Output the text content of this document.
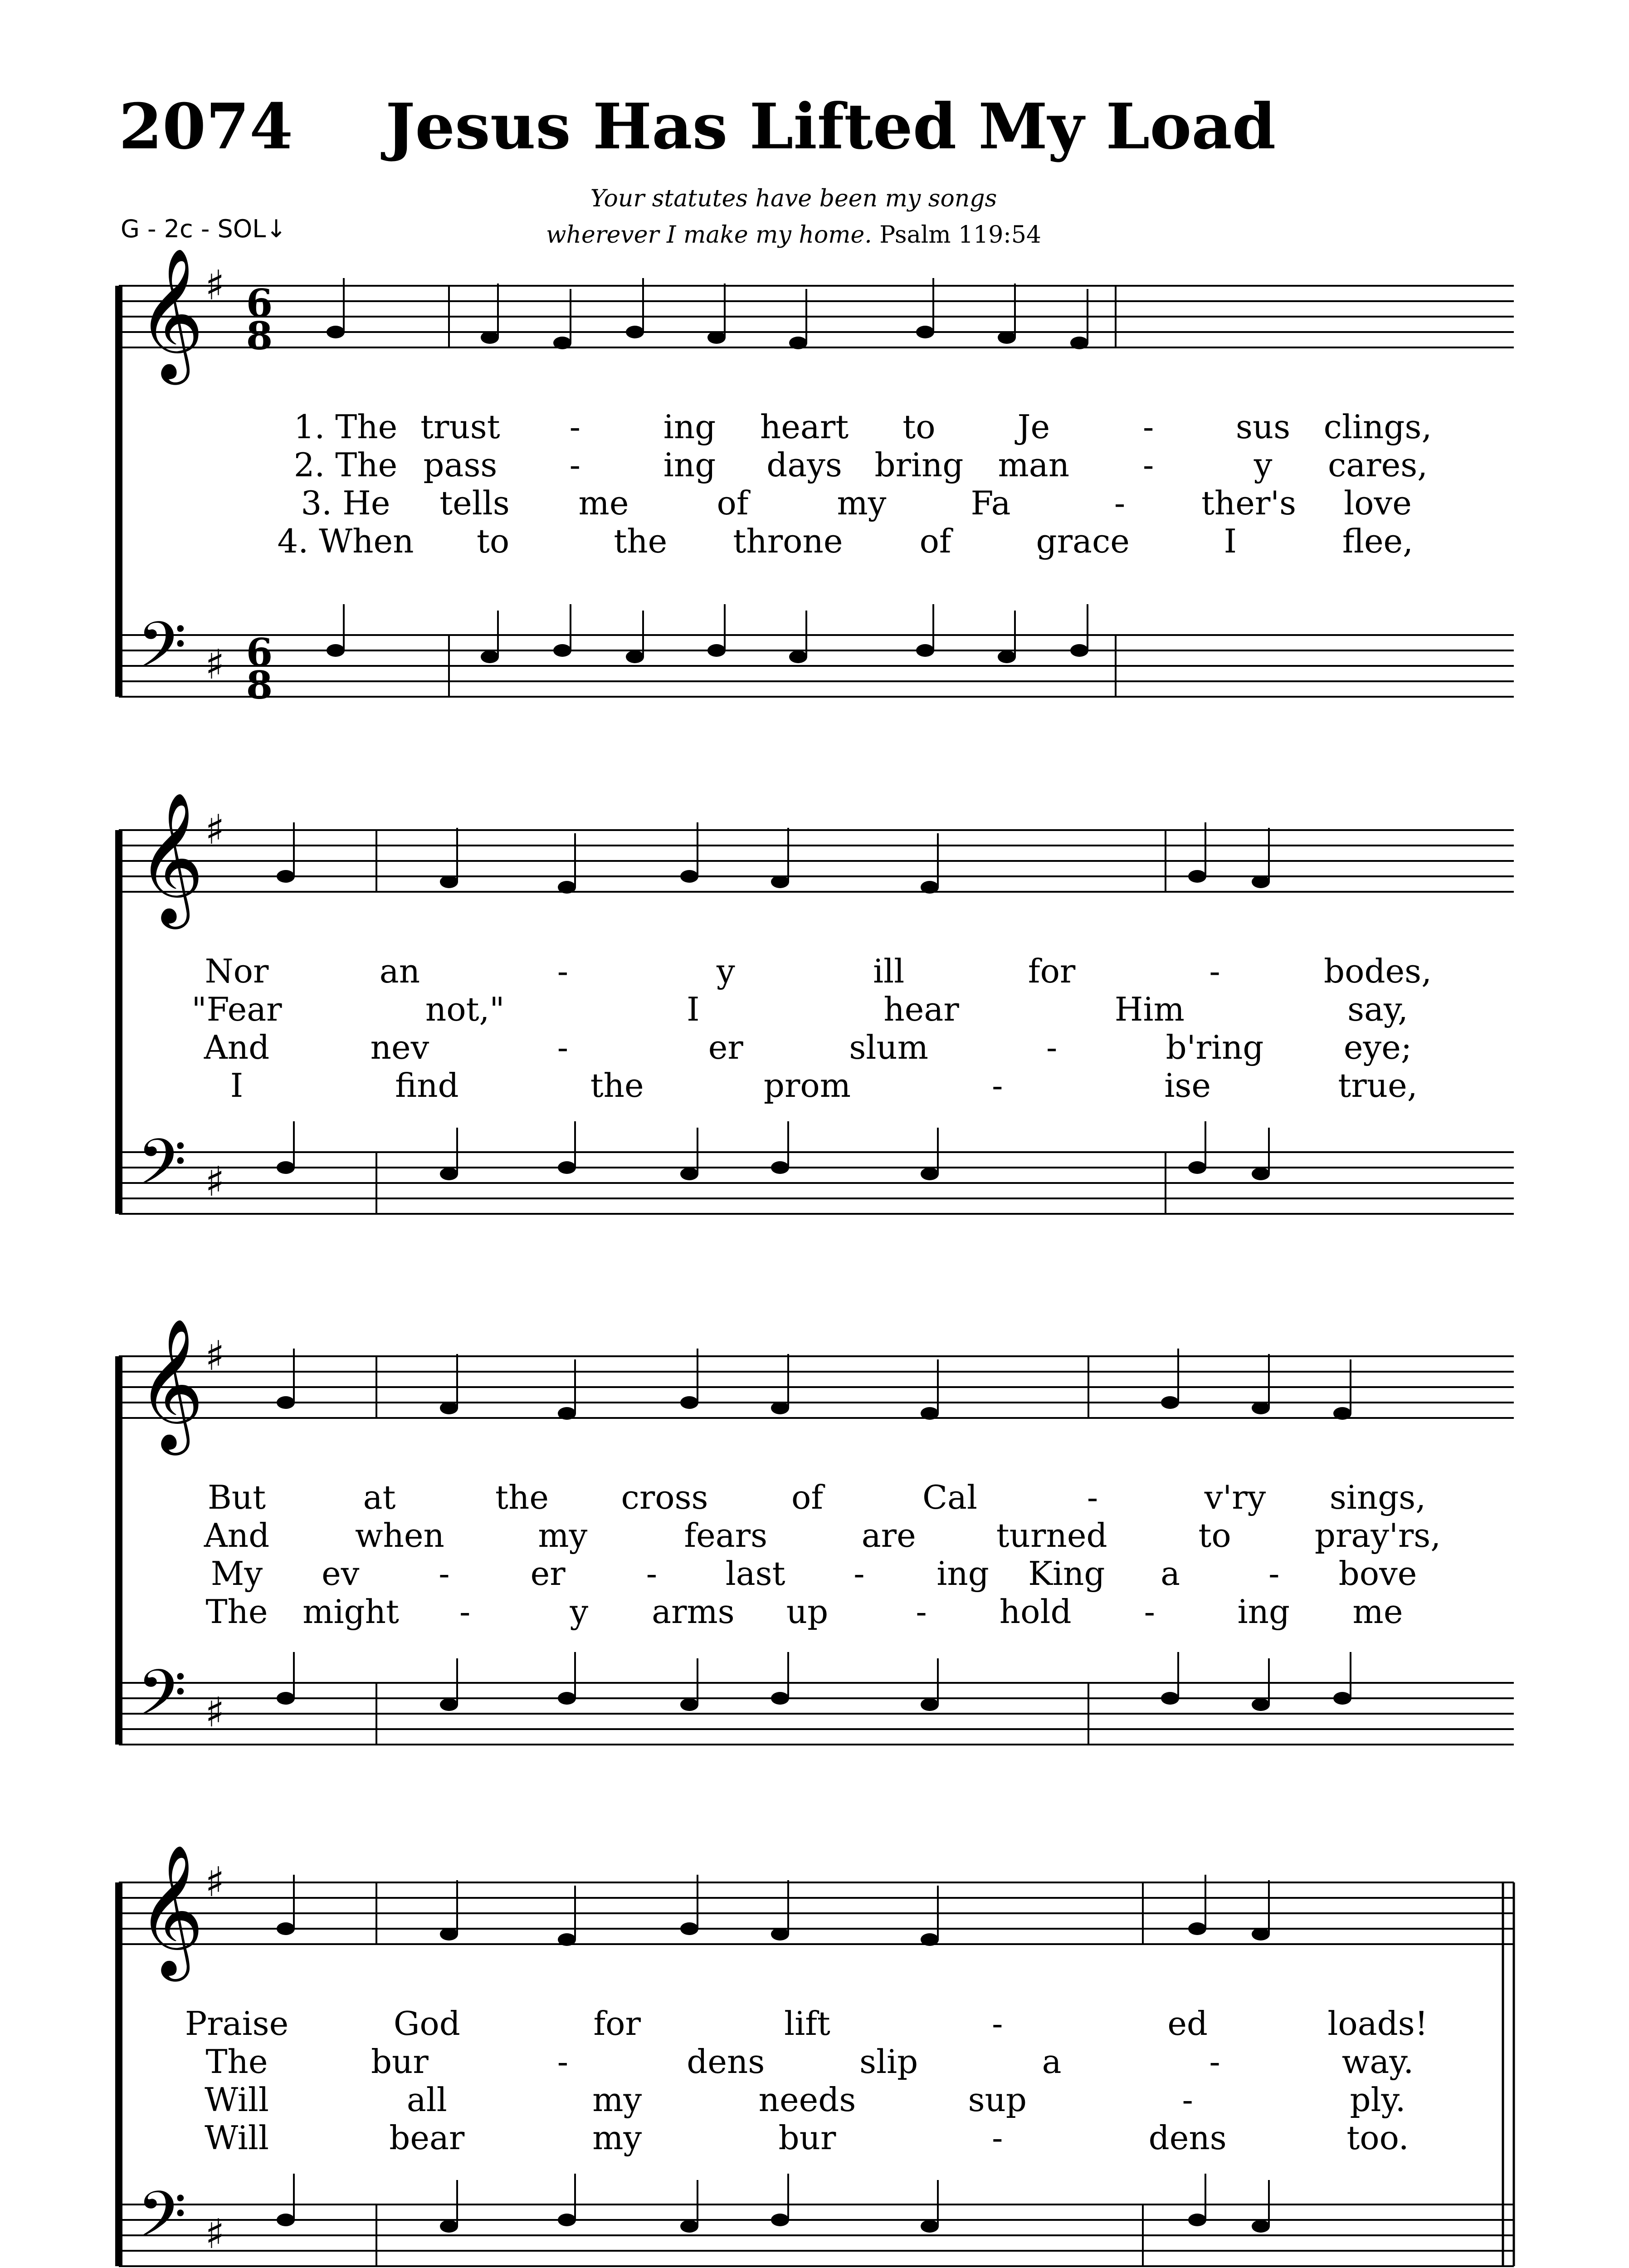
2074 Jesus Has Lifted My Load
G - 2c - SOL↓
Your statutes have been my songs
wherever I make my home. Psalm 119:54
𝄞
𝄢
♯
♯
6
8
6
8
1. The trust -	ing heart to	Je	-	sus clings,
2. The pass -	ing days bring man -	y cares,
3. He tells me	of	my	Fa	- ther's love
4. When to	the throne of	grace	I	flee,
𝄞
𝄢
♯
♯
Nor	an	-	y	ill	for	-	bodes,
"Fear	not,"	I	hear	Him	say,
And	nev	-	er	slum	-	b'ring eye;
I	find	the	prom	-	ise	true,
𝄞
𝄢
♯
♯
But	at	the cross	of	Cal	-	v'ry sings,
And	when	my	fears	are turned	to	pray'rs,
My ev - er - last - ing King a	- bove
The might -	y arms up	- hold -	ing me
𝄞
𝄢
♯
♯
Praise	God	for	lift	-	ed	loads!
The	bur	-	dens	slip	a	-	way.
Will	all	my	needs	sup	-	ply.
Will	bear	my	bur	-	dens	too.
